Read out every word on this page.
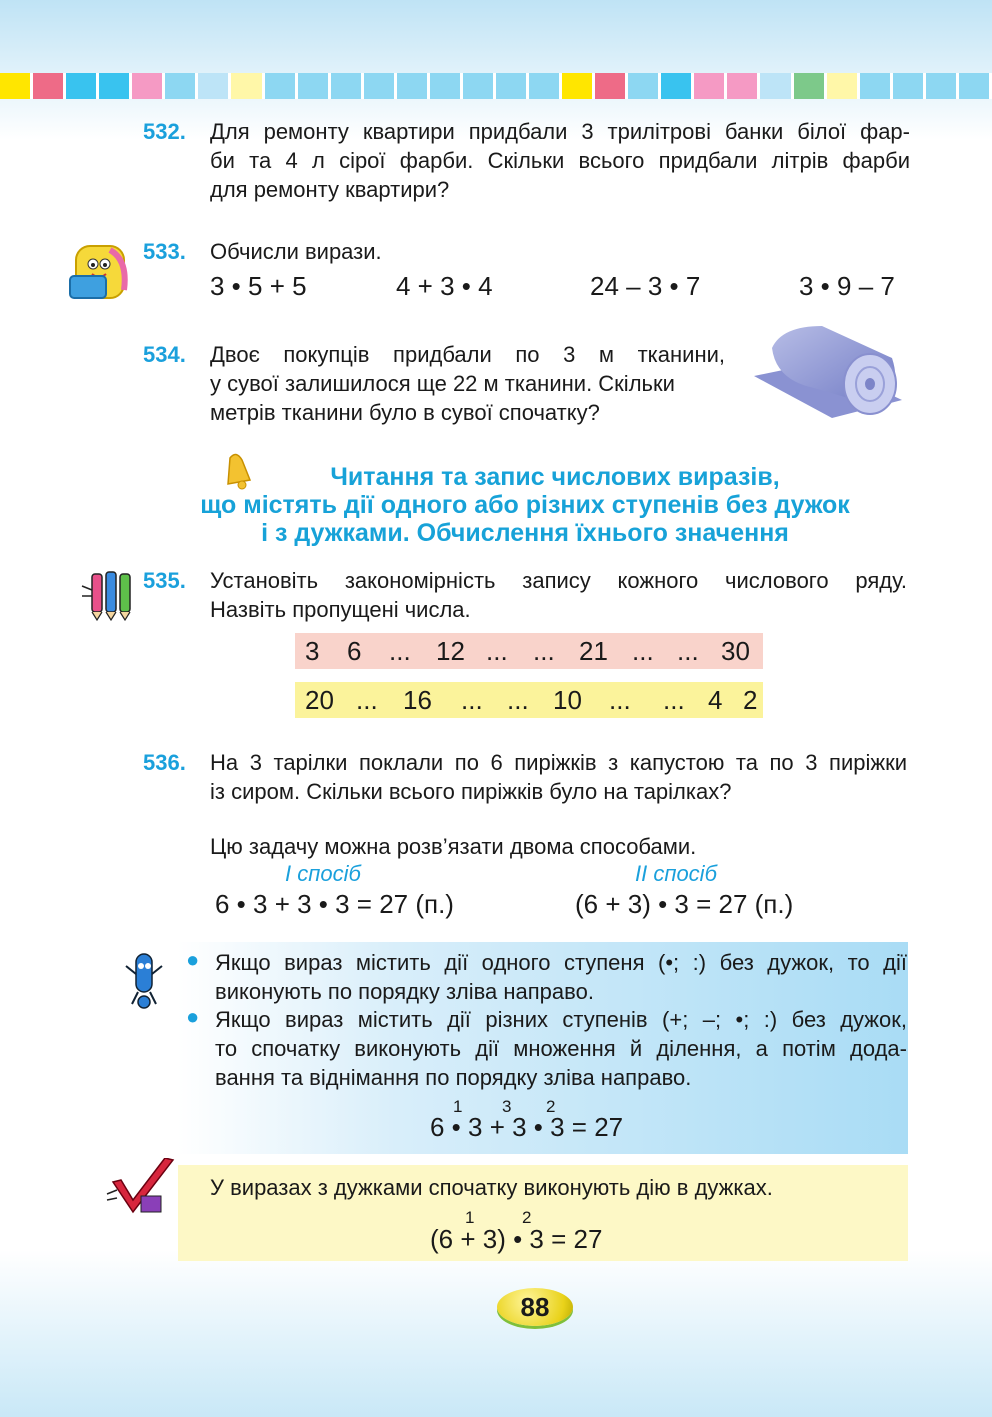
532. Для ремонту квартири придбали 3 трилітрові банки білої фар-
би та 4 л сірої фарби. Скільки всього придбали літрів фарби
для ремонту квартири?
533. Обчисли вирази.
3 • 5 + 5	4 + 3 • 4	24 – 3 • 7	3 • 9 – 7
534. Двоє покупців придбали по 3 м тканини,
у сувої залишилося ще 22 м тканини. Скільки
метрів тканини було в сувої спочатку?
Читання та запис числових виразів,
що містять дії одного або різних ступенів без дужок
і з дужками. Обчислення їхнього значення
535. Установіть закономірність запису кожного числового ряду.
Назвіть пропущені числа.
3 6 ... 12 ... ... 21 ... ... 30
20 ... 16 ... ... 10 ... ... 4 2
536. На 3 тарілки поклали по 6 пиріжків з капустою та по 3 пиріжки
із сиром. Скільки всього пиріжків було на тарілках?
Цю задачу можна розв’язати двома способами.
І спосіб	ІІ спосіб
6 • 3 + 3 • 3 = 27 (п.)	(6 + 3) • 3 = 27 (п.)
● Якщо вираз містить дії одного ступеня (•; :) без дужок, то дії
виконують по порядку зліва направо.
● Якщо вираз містить дії різних ступенів (+; –; •; :) без дужок,
то спочатку виконують дії множення й ділення, а потім дода-
вання та віднімання по порядку зліва направо.
1 3 2
6 • 3 + 3 • 3 = 27
У виразах з дужками спочатку виконують дію в дужках.
1	2
(6 + 3) • 3 = 27
88
